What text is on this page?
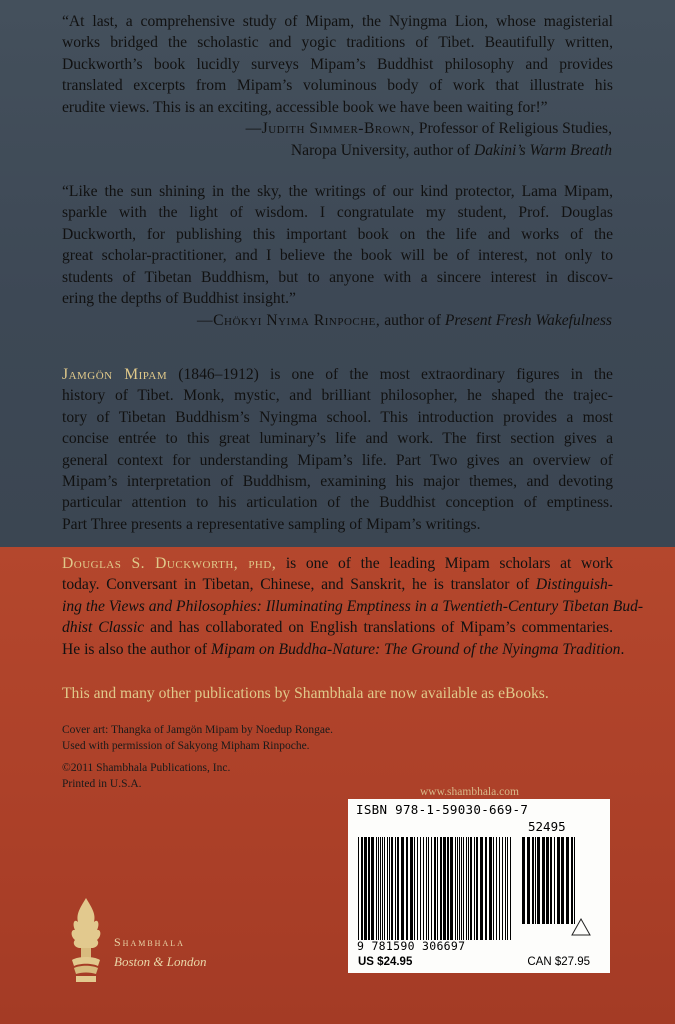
“At last, a comprehensive study of Mipam, the Nyingma Lion, whose magisterial
works bridged the scholastic and yogic traditions of Tibet. Beautifully written,
Duckworth’s book lucidly surveys Mipam’s Buddhist philosophy and provides
translated excerpts from Mipam’s voluminous body of work that illustrate his
erudite views. This is an exciting, accessible book we have been waiting for!”
—Judith Simmer-Brown, Professor of Religious Studies,
Naropa University, author of Dakini’s Warm Breath
“Like the sun shining in the sky, the writings of our kind protector, Lama Mipam,
sparkle with the light of wisdom. I congratulate my student, Prof. Douglas
Duckworth, for publishing this important book on the life and works of the
great scholar-practitioner, and I believe the book will be of interest, not only to
students of Tibetan Buddhism, but to anyone with a sincere interest in discov-
ering the depths of Buddhist insight.”
—Chökyi Nyima Rinpoche, author of Present Fresh Wakefulness
Jamgön Mipam (1846–1912) is one of the most extraordinary figures in the
history of Tibet. Monk, mystic, and brilliant philosopher, he shaped the trajec-
tory of Tibetan Buddhism’s Nyingma school. This introduction provides a most
concise entrée to this great luminary’s life and work. The first section gives a
general context for understanding Mipam’s life. Part Two gives an overview of
Mipam’s interpretation of Buddhism, examining his major themes, and devoting
particular attention to his articulation of the Buddhist conception of emptiness.
Part Three presents a representative sampling of Mipam’s writings.
Douglas S. Duckworth, phd, is one of the leading Mipam scholars at work
today. Conversant in Tibetan, Chinese, and Sanskrit, he is translator of Distinguish-
ing the Views and Philosophies: Illuminating Emptiness in a Twentieth-Century Tibetan Bud-
dhist Classic and has collaborated on English translations of Mipam’s commentaries.
He is also the author of Mipam on Buddha-Nature: The Ground of the Nyingma Tradition.
This and many other publications by Shambhala are now available as eBooks.
Cover art: Thangka of Jamgön Mipam by Noedup Rongae.
Used with permission of Sakyong Mipham Rinpoche.
©2011 Shambhala Publications, Inc.
Printed in U.S.A.
www.shambhala.com
ISBN 978-1-59030-669-7
52495
9 781590 306697
US $24.95	CAN $27.95
Shambhala
Boston & London
